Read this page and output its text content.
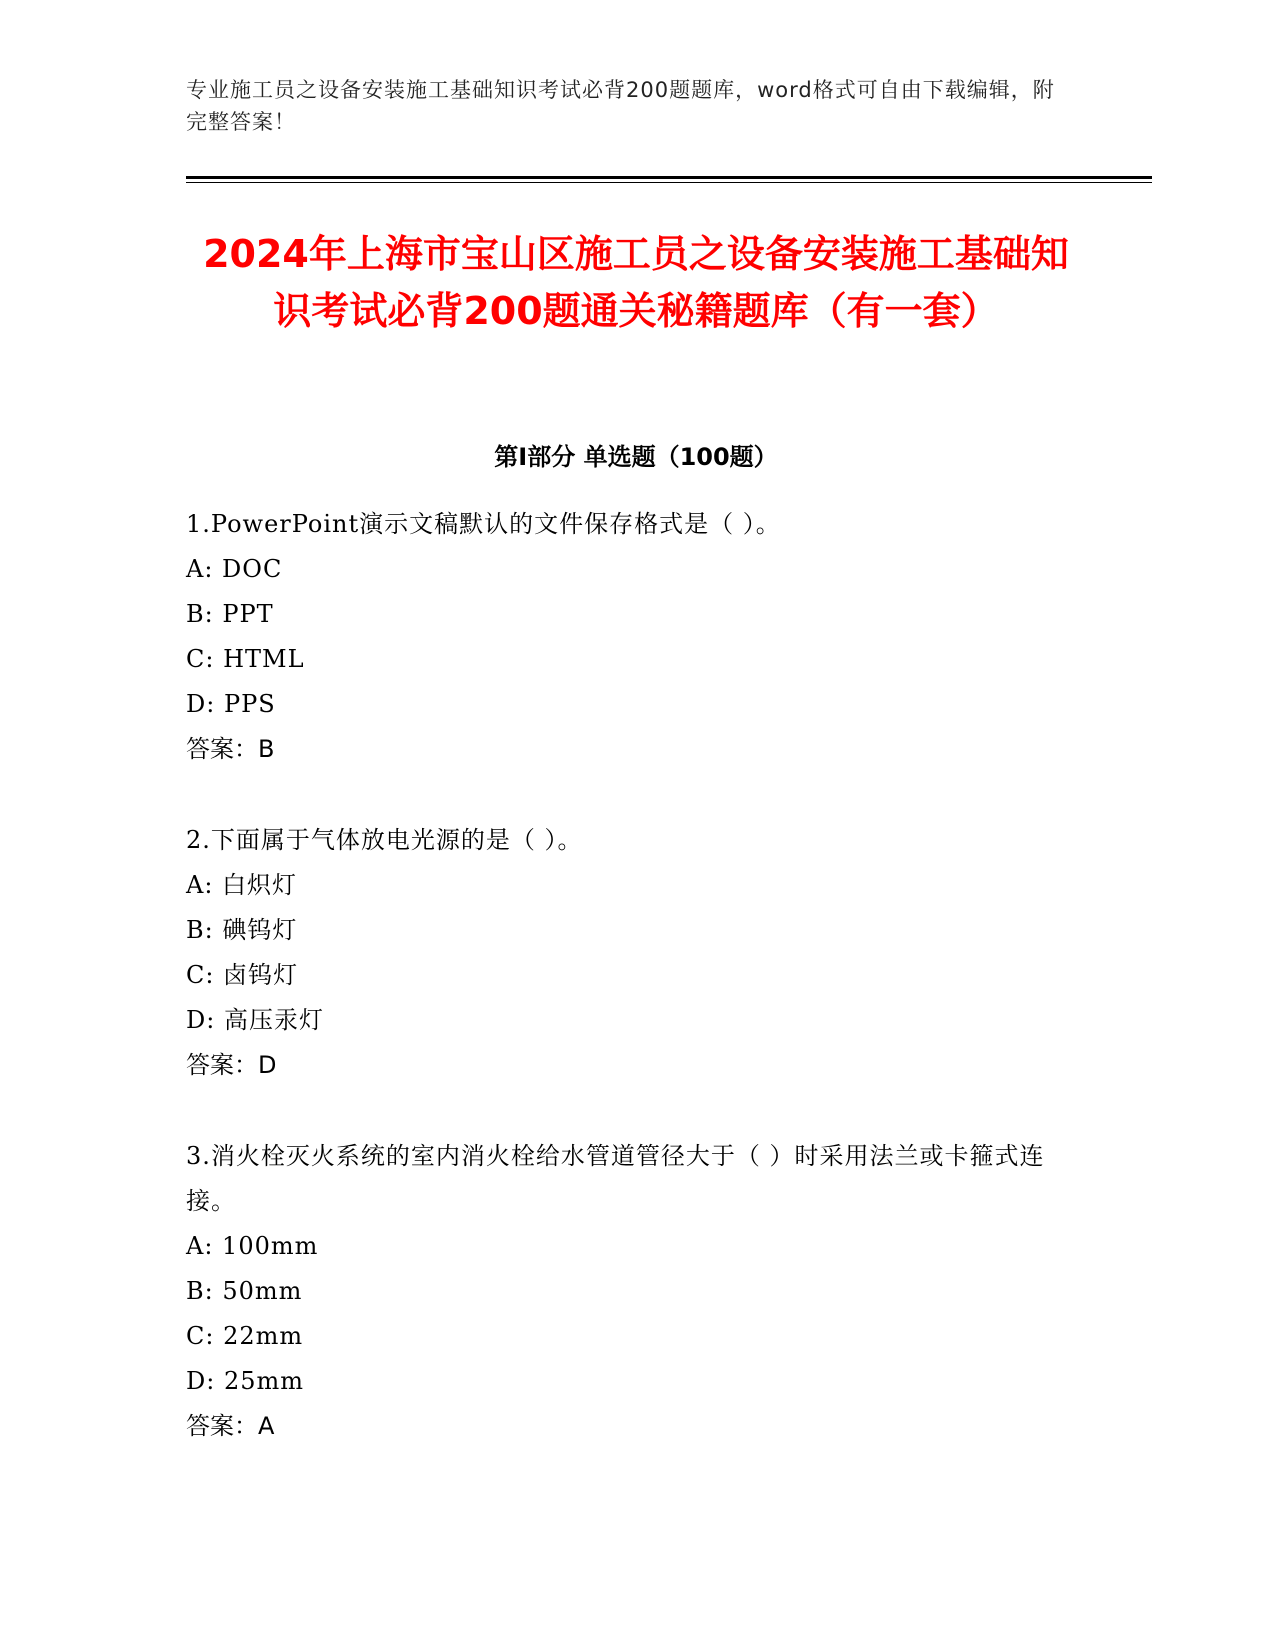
专业施工员之设备安装施工基础知识考试必背200题题库，word格式可自由下载编辑，附完整答案！
2024年上海市宝山区施工员之设备安装施工基础知识考试必背200题通关秘籍题库（有一套）
第I部分 单选题（100题）
1.PowerPoint演示文稿默认的文件保存格式是（ ）。
A: DOC
B: PPT
C: HTML
D: PPS
答案：B
2.下面属于气体放电光源的是（ ）。
A: 白炽灯
B: 碘钨灯
C: 卤钨灯
D: 高压汞灯
答案：D
3.消火栓灭火系统的室内消火栓给水管道管径大于（ ）时采用法兰或卡箍式连接。
A: 100mm
B: 50mm
C: 22mm
D: 25mm
答案：A
